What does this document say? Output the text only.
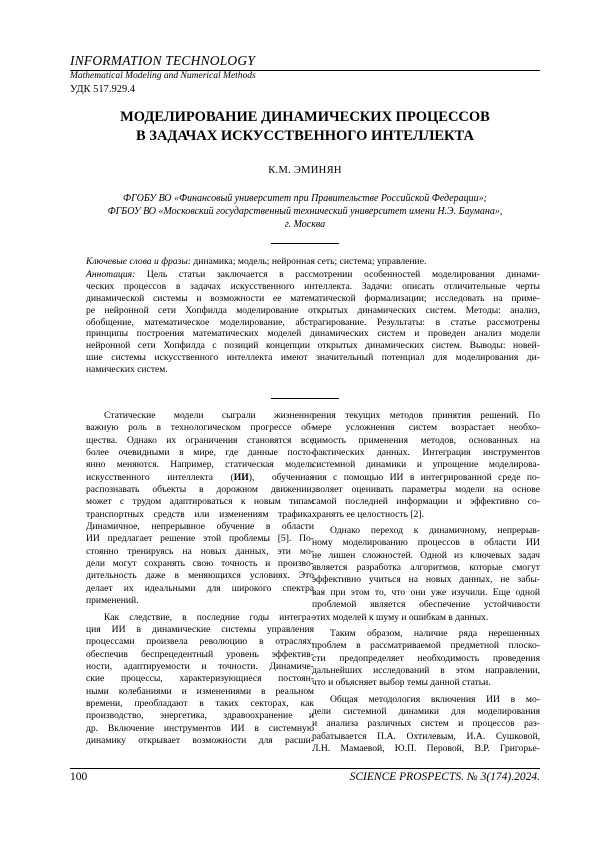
INFORMATION TECHNOLOGY
Mathematical Modeling and Numerical Methods
УДК 517.929.4
МОДЕЛИРОВАНИЕ ДИНАМИЧЕСКИХ ПРОЦЕССОВ
В ЗАДАЧАХ ИСКУССТВЕННОГО ИНТЕЛЛЕКТА
К.М. ЭМИНЯН
ФГОБУ ВО «Финансовый университет при Правительстве Российской Федерации»;
ФГБОУ ВО «Московский государственный технический университет имени Н.Э. Баумана»,
г. Москва
Ключевые слова и фразы: динамика; модель; нейронная сеть; система; управление.
Аннотация: Цель статьи заключается в рассмотрении особенностей моделирования динами-
ческих процессов в задачах искусственного интеллекта. Задачи: описать отличительные черты
динамической системы и возможности ее математической формализации; исследовать на приме-
ре нейронной сети Хопфилда моделирование открытых динамических систем. Методы: анализ,
обобщение, математическое моделирование, абстрагирование. Результаты: в статье рассмотрены
принципы построения математических моделей динамических систем и проведен анализ модели
нейронной сети Хопфилда с позиций концепции открытых динамических систем. Выводы: новей-
шие системы искусственного интеллекта имеют значительный потенциал для моделирования ди-
намических систем.
Статические модели сыграли жизненно
важную роль в технологическом прогрессе об-
щества. Однако их ограничения становятся все
более очевидными в мире, где данные посто-
янно меняются. Например, статическая модель
искусственного интеллекта (ИИ), обученная
распознавать объекты в дорожном движении,
может с трудом адаптироваться к новым типам
транспортных средств или изменениям трафика.
Динамичное, непрерывное обучение в области
ИИ предлагает решение этой проблемы [5]. По-
стоянно тренируясь на новых данных, эти мо-
дели могут сохранять свою точность и произво-
дительность даже в меняющихся условиях. Это
делает их идеальными для широкого спектра
применений.
Как следствие, в последние годы интегра-
ция ИИ в динамические системы управления
процессами произвела революцию в отраслях,
обеспечив беспрецедентный уровень эффектив-
ности, адаптируемости и точности. Динамиче-
ские процессы, характеризующиеся постоян-
ными колебаниями и изменениями в реальном
времени, преобладают в таких секторах, как
производство, энергетика, здравоохранение и
др. Включение инструментов ИИ в системную
динамику открывает возможности для расши-
рения текущих методов принятия решений. По
мере усложнения систем возрастает необхо-
димость применения методов, основанных на
фактических данных. Интеграция инструментов
системной динамики и упрощение моделирова-
ния с помощью ИИ в интегрированной среде по-
зволяет оценивать параметры модели на основе
самой последней информации и эффективно со-
хранять ее целостность [2].
Однако переход к динамичному, непрерыв-
ному моделированию процессов в области ИИ
не лишен сложностей. Одной из ключевых задач
является разработка алгоритмов, которые смогут
эффективно учиться на новых данных, не забы-
вая при этом то, что они уже изучили. Еще одной
проблемой является обеспечение устойчивости
этих моделей к шуму и ошибкам в данных.
Таким образом, наличие ряда нерешенных
проблем в рассматриваемой предметной плоско-
сти предопределяет необходимость проведения
дальнейших исследований в этом направлении,
что и объясняет выбор темы данной статьи.
Общая методология включения ИИ в мо-
дели системной динамики для моделирования
и анализа различных систем и процессов раз-
рабатывается П.А. Охтилевым, И.А. Сушковой,
Л.Н. Мамаевой, Ю.П. Перовой, В.Р. Григорье-
100	SCIENCE PROSPECTS. № 3(174).2024.
